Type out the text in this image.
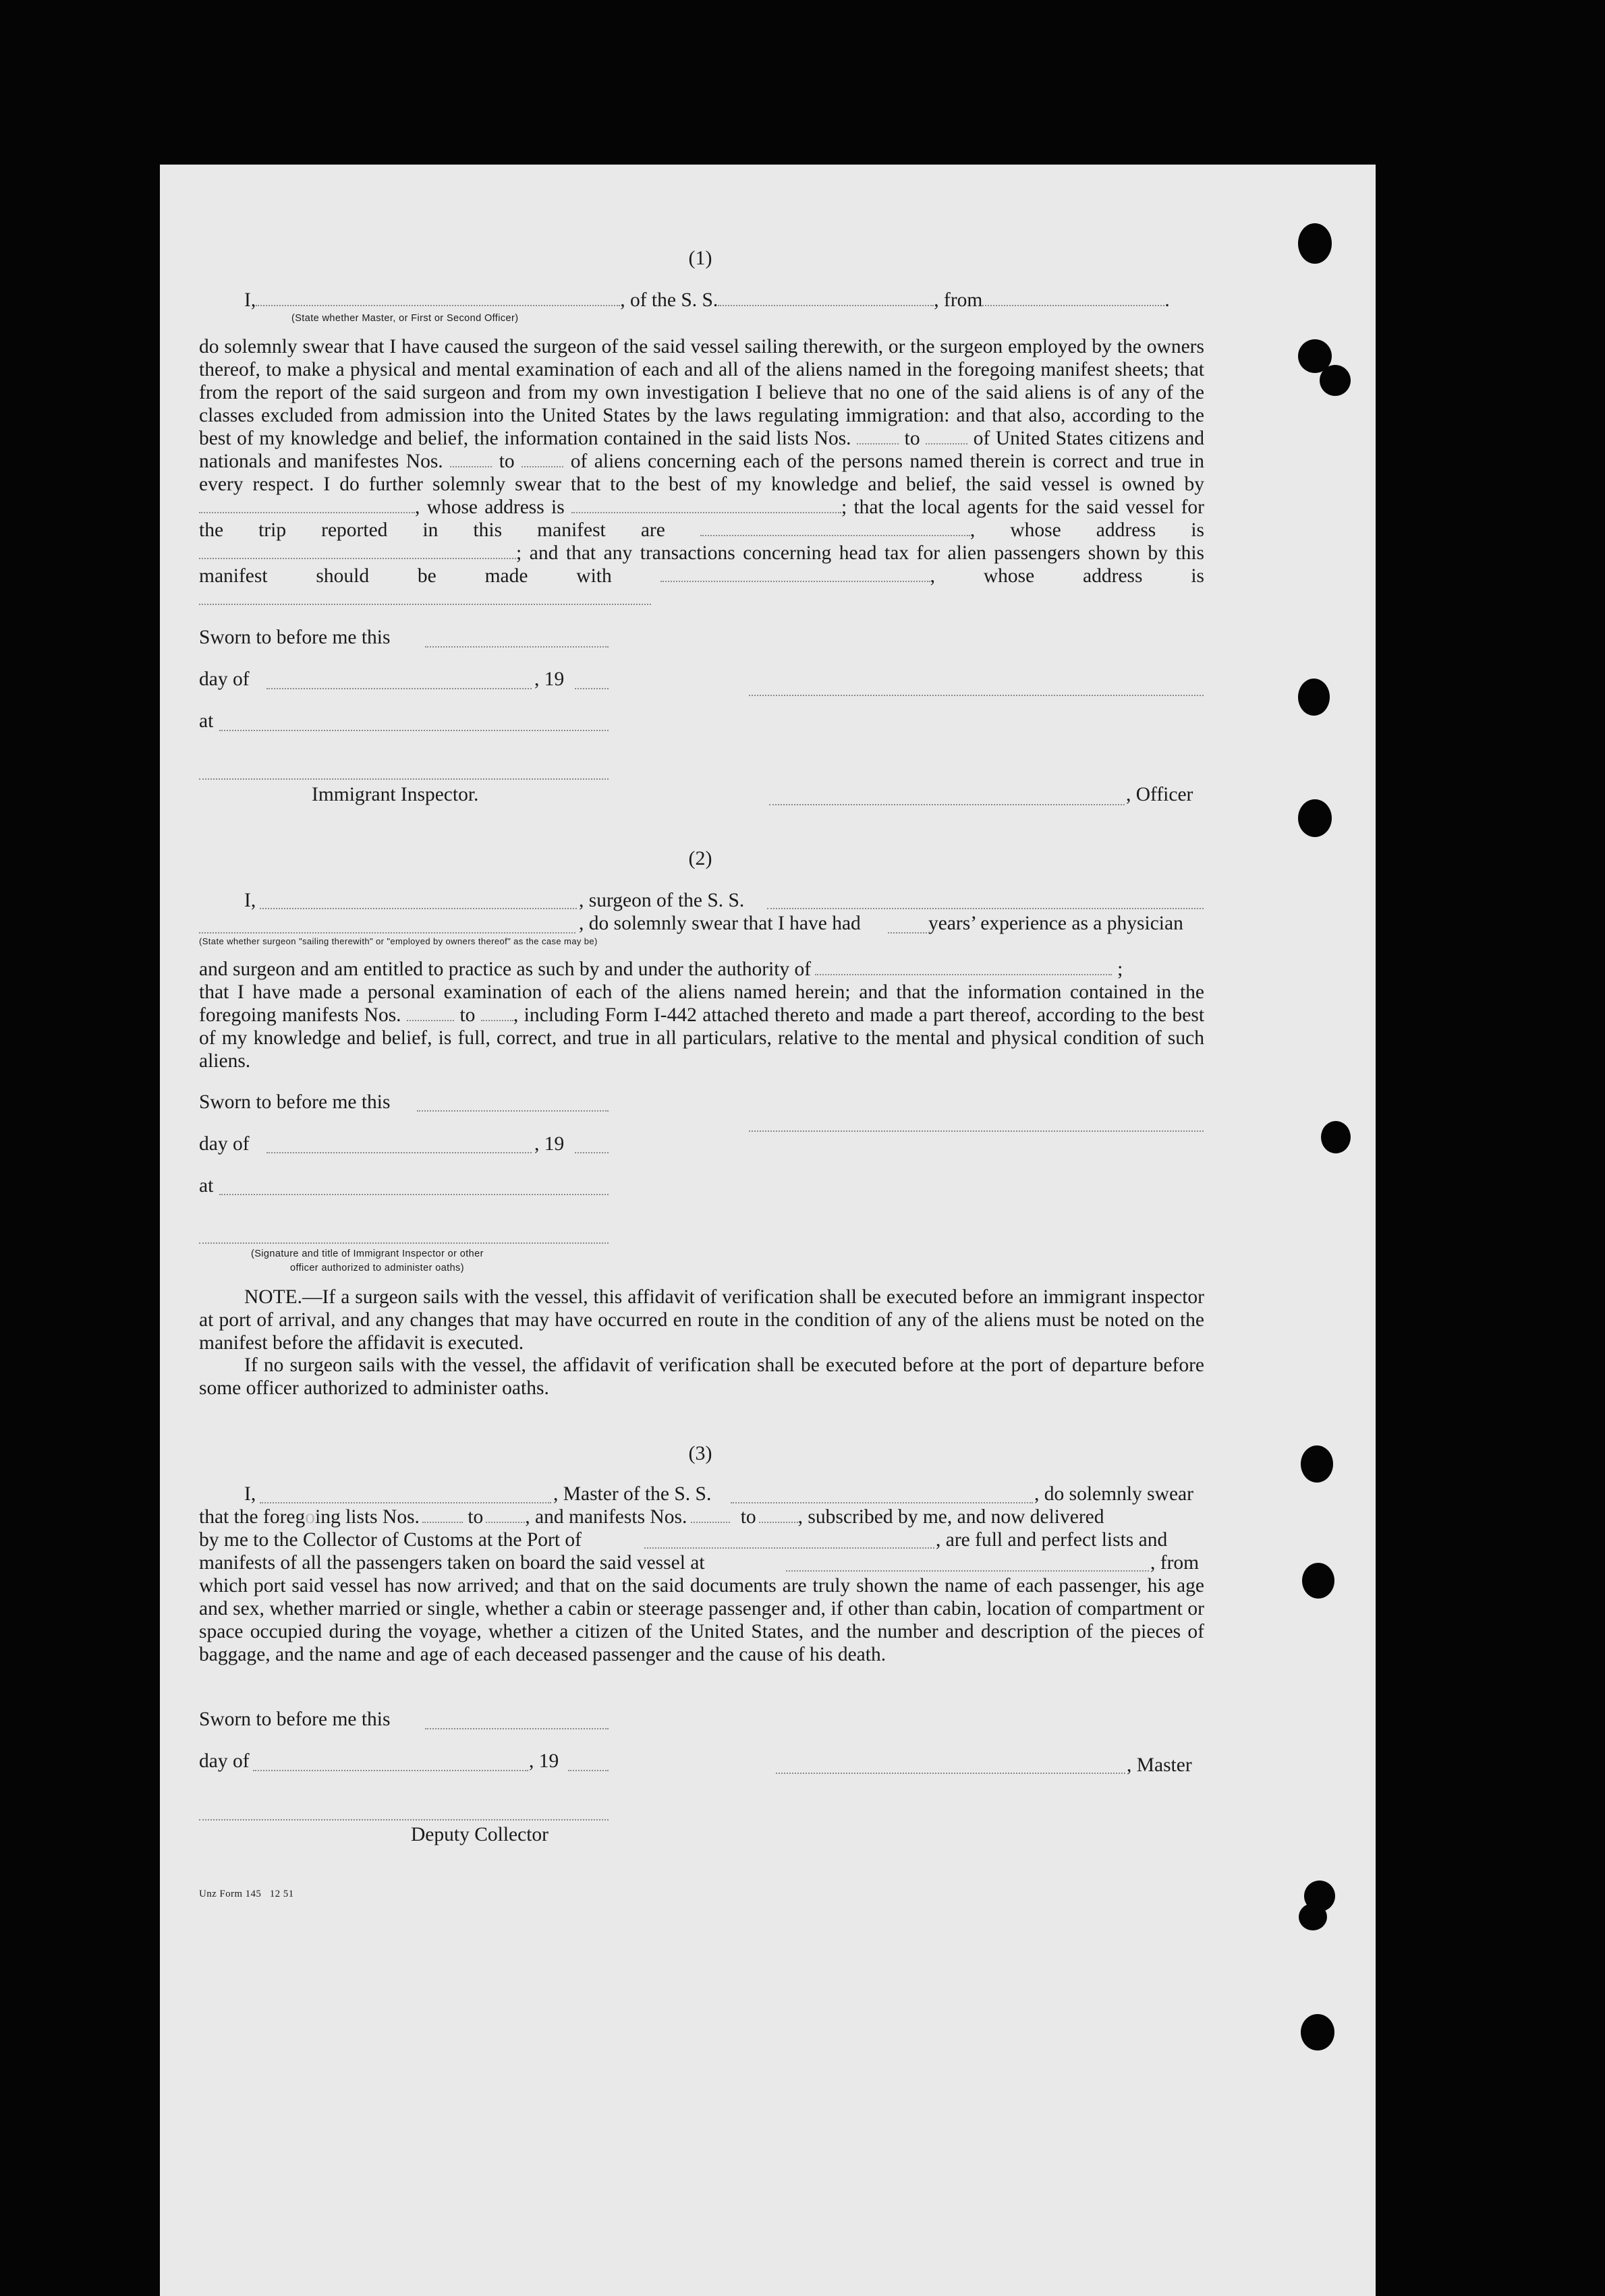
(1)
I,	, of the S. S.	, from	.
(State whether Master, or First or Second Officer)
do solemnly swear that I have caused the surgeon of the said vessel sailing therewith, or the surgeon employed by the owners thereof, to make a physical and mental examination of each and all of the aliens named in the foregoing manifest sheets; that from the report of the said surgeon and from my own investigation I believe that no one of the said aliens is of any of the classes excluded from admission into the United States by the laws regulating immigration: and that also, according to the best of my knowledge and belief, the information contained in the said lists Nos.	to	of United States citizens and nationals and manifestes Nos.	to	of aliens concerning each of the persons named therein is correct and true in every respect. I do further solemnly swear that to the best of my knowledge and belief, the said vessel is owned by , whose address is	; that the local agents for the said vessel for the trip reported in this manifest are	, whose address is ; and that any transactions concerning head tax for alien passengers shown by this manifest should be made with	, whose address is
Sworn to before me this
day of	, 19
at
Immigrant Inspector.	, Officer
(2)
I,	, surgeon of the S. S.
, do solemnly swear that I have had	years’ experience as a physician
(State whether surgeon "sailing therewith" or "employed by owners thereof" as the case may be)
and surgeon and am entitled to practice as such by and under the authority of	;
that I have made a personal examination of each of the aliens named herein; and that the information contained in the foregoing manifests Nos.	to , including Form I-442 attached thereto and made a part thereof, according to the best of my knowledge and belief, is full, correct, and true in all particulars, relative to the mental and physical condition of such aliens.
Sworn to before me this
day of	, 19
at
(Signature and title of Immigrant Inspector or other
officer authorized to administer oaths)
NOTE.—If a surgeon sails with the vessel, this affidavit of verification shall be executed before an immigrant inspector at port of arrival, and any changes that may have occurred en route in the condition of any of the aliens must be noted on the manifest before the affidavit is executed.
If no surgeon sails with the vessel, the affidavit of verification shall be executed before at the port of departure before some officer authorized to administer oaths.
(3)
I,	, Master of the S. S.	, do solemnly swear
that the foregoing lists Nos. to , and manifests Nos.	to , subscribed by me, and now delivered
by me to the Collector of Customs at the Port of	, are full and perfect lists and
manifests of all the passengers taken on board the said vessel at	, from
which port said vessel has now arrived; and that on the said documents are truly shown the name of each passenger, his age and sex, whether married or single, whether a cabin or steerage passenger and, if other than cabin, location of compartment or space occupied during the voyage, whether a citizen of the United States, and the number and description of the pieces of baggage, and the name and age of each deceased passenger and the cause of his death.
Sworn to before me this
day of	, 19	, Master
Deputy Collector
Unz Form 145   12 51
